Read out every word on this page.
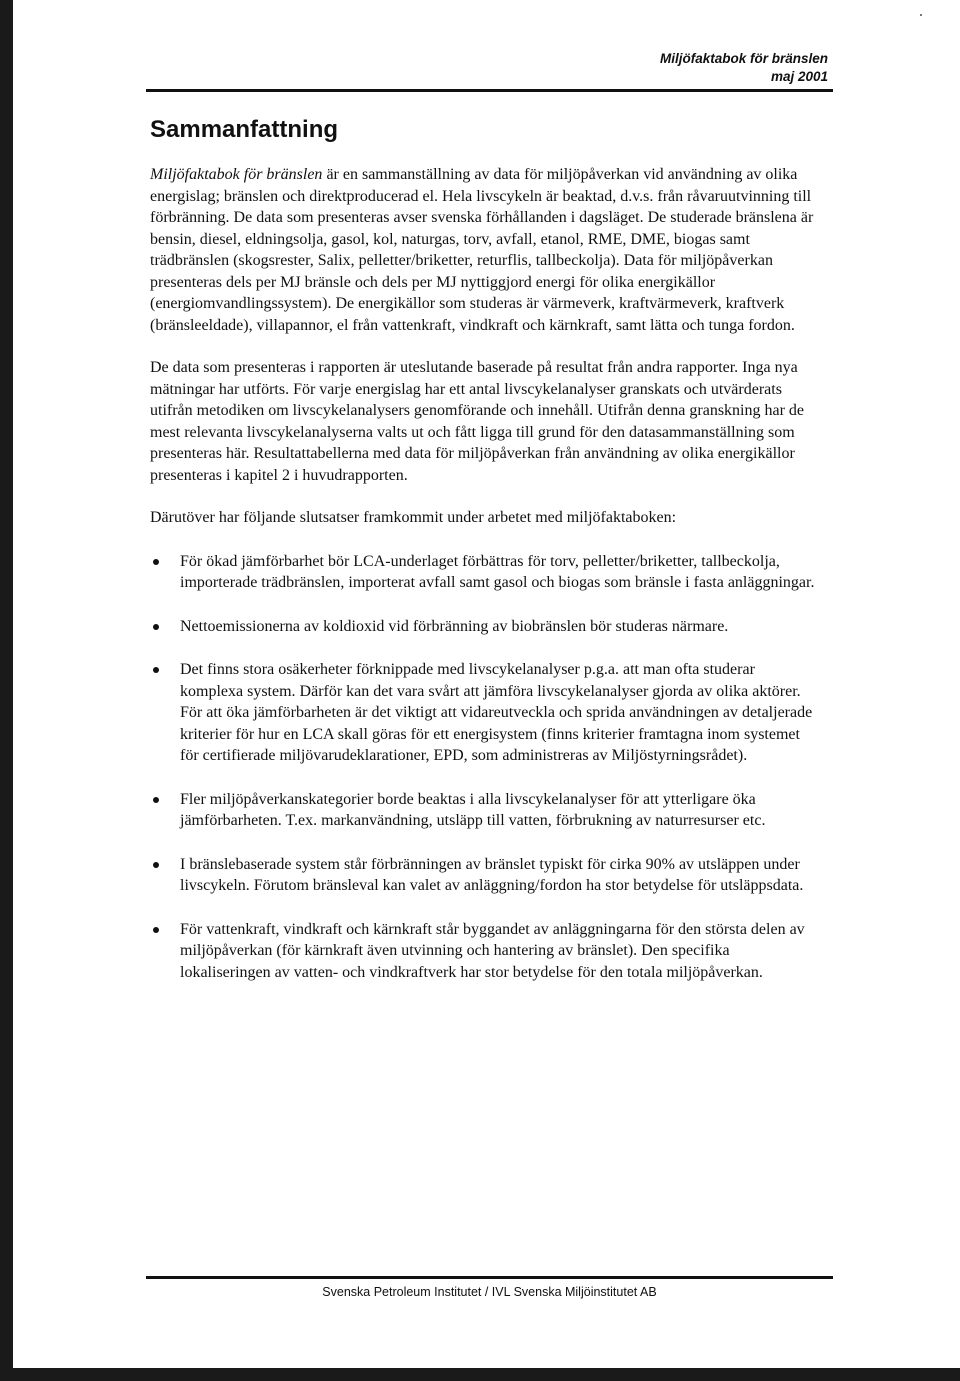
Miljöfaktabok för bränslen
maj 2001
Sammanfattning

Miljöfaktabok för bränslen är en sammanställning av data för miljöpåverkan vid användning av olika energislag; bränslen och direktproducerad el. Hela livscykeln är beaktad, d.v.s. från råvaruutvinning till förbränning. De data som presenteras avser svenska förhållanden i dagsläget. De studerade bränslena är bensin, diesel, eldningsolja, gasol, kol, naturgas, torv, avfall, etanol, RME, DME, biogas samt trädbränslen (skogsrester, Salix, pelletter/briketter, returflis, tallbeckolja). Data för miljöpåverkan presenteras dels per MJ bränsle och dels per MJ nyttiggjord energi för olika energikällor (energiomvandlingssystem). De energikällor som studeras är värmeverk, kraftvärmeverk, kraftverk (bränsleeldade), villapannor, el från vattenkraft, vindkraft och kärnkraft, samt lätta och tunga fordon.

De data som presenteras i rapporten är uteslutande baserade på resultat från andra rapporter. Inga nya mätningar har utförts. För varje energislag har ett antal livscykelanalyser granskats och utvärderats utifrån metodiken om livscykelanalysers genomförande och innehåll. Utifrån denna granskning har de mest relevanta livscykelanalyserna valts ut och fått ligga till grund för den datasammanställning som presenteras här. Resultattabellerna med data för miljöpåverkan från användning av olika energikällor presenteras i kapitel 2 i huvudrapporten.

Därutöver har följande slutsatser framkommit under arbetet med miljöfaktaboken:

För ökad jämförbarhet bör LCA-underlaget förbättras för torv, pelletter/briketter, tallbeckolja, importerade trädbränslen, importerat avfall samt gasol och biogas som bränsle i fasta anläggningar.
Nettoemissionerna av koldioxid vid förbränning av biobränslen bör studeras närmare.
Det finns stora osäkerheter förknippade med livscykelanalyser p.g.a. att man ofta studerar komplexa system. Därför kan det vara svårt att jämföra livscykelanalyser gjorda av olika aktörer. För att öka jämförbarheten är det viktigt att vidareutveckla och sprida användningen av detaljerade kriterier för hur en LCA skall göras för ett energisystem (finns kriterier framtagna inom systemet för certifierade miljövarudeklarationer, EPD, som administreras av Miljöstyrningsrådet).
Fler miljöpåverkanskategorier borde beaktas i alla livscykelanalyser för att ytterligare öka jämförbarheten. T.ex. markanvändning, utsläpp till vatten, förbrukning av naturresurser etc.
I bränslebaserade system står förbränningen av bränslet typiskt för cirka 90% av utsläppen under livscykeln. Förutom bränsleval kan valet av anläggning/fordon ha stor betydelse för utsläppsdata.
För vattenkraft, vindkraft och kärnkraft står byggandet av anläggningarna för den största delen av miljöpåverkan (för kärnkraft även utvinning och hantering av bränslet). Den specifika lokaliseringen av vatten- och vindkraftverk har stor betydelse för den totala miljöpåverkan.
Svenska Petroleum Institutet / IVL Svenska Miljöinstitutet AB
